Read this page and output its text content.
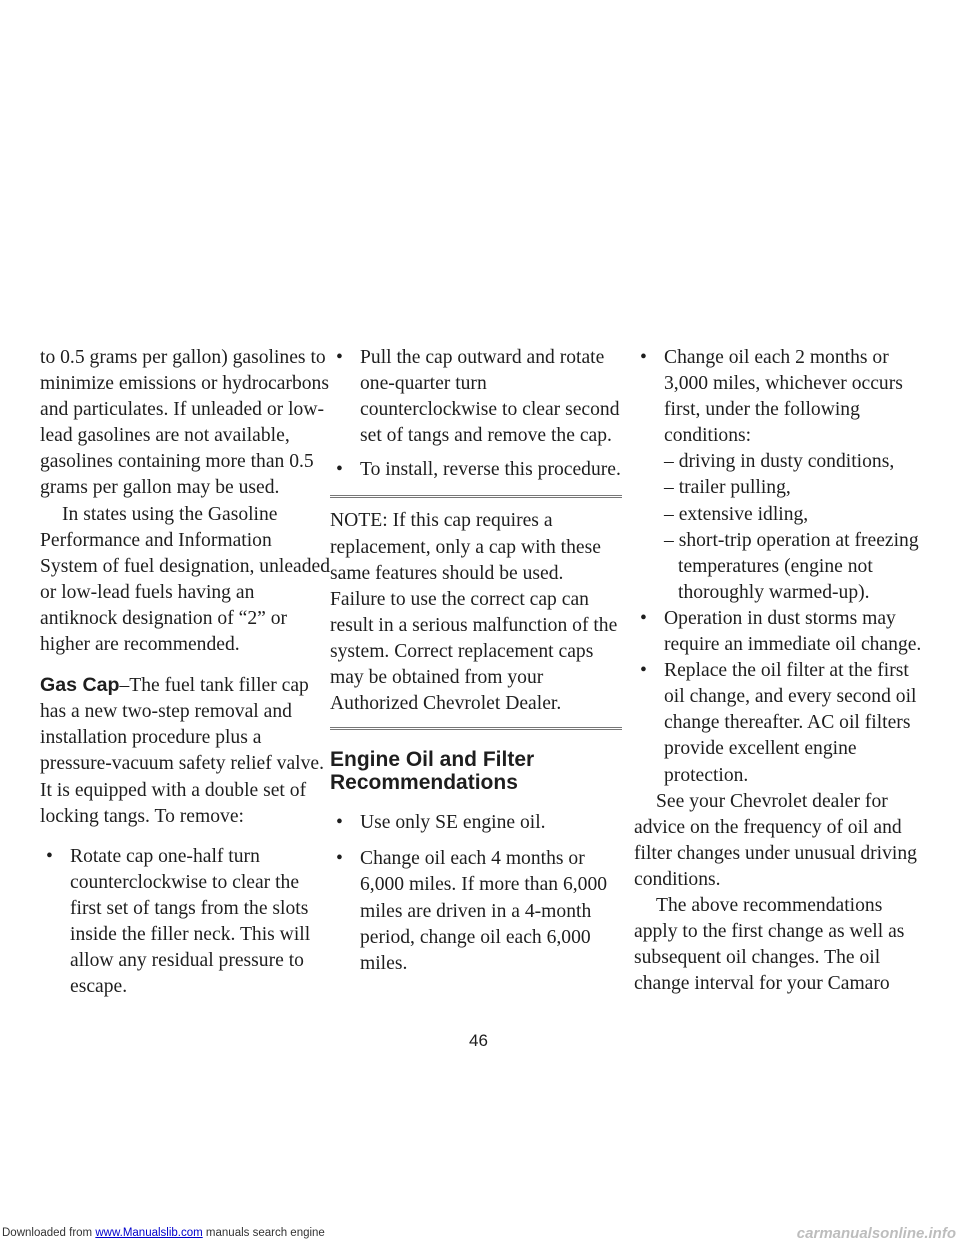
to 0.5 grams per gallon) gasolines to minimize emissions or hydrocarbons and particulates. If unleaded or low-lead gasolines are not available, gasolines containing more than 0.5 grams per gallon may be used.

In states using the Gasoline Performance and Information System of fuel designation, unleaded or low-lead fuels having an antiknock designation of “2” or higher are recommended.

Gas Cap–The fuel tank filler cap has a new two-step removal and installation procedure plus a pressure-vacuum safety relief valve. It is equipped with a double set of locking tangs. To remove:

• Rotate cap one-half turn counterclockwise to clear the first set of tangs from the slots inside the filler neck. This will allow any residual pressure to escape.

• Pull the cap outward and rotate one-quarter turn counterclockwise to clear second set of tangs and remove the cap.

• To install, reverse this procedure.

NOTE: If this cap requires a replacement, only a cap with these same features should be used. Failure to use the correct cap can result in a serious malfunction of the system. Correct replacement caps may be obtained from your Authorized Chevrolet Dealer.

Engine Oil and Filter Recommendations

• Use only SE engine oil.

• Change oil each 4 months or 6,000 miles. If more than 6,000 miles are driven in a 4-month period, change oil each 6,000 miles.

• Change oil each 2 months or 3,000 miles, whichever occurs first, under the following conditions:

– driving in dusty conditions,

– trailer pulling,

– extensive idling,

– short-trip operation at freezing temperatures (engine not thoroughly warmed-up).

• Operation in dust storms may require an immediate oil change.

• Replace the oil filter at the first oil change, and every second oil change thereafter. AC oil filters provide excellent engine protection.

See your Chevrolet dealer for advice on the frequency of oil and filter changes under unusual driving conditions.

The above recommendations apply to the first change as well as subsequent oil changes. The oil change interval for your Camaro

46
Downloaded from www.Manualslib.com manuals search engine	carmanualsonline.info
